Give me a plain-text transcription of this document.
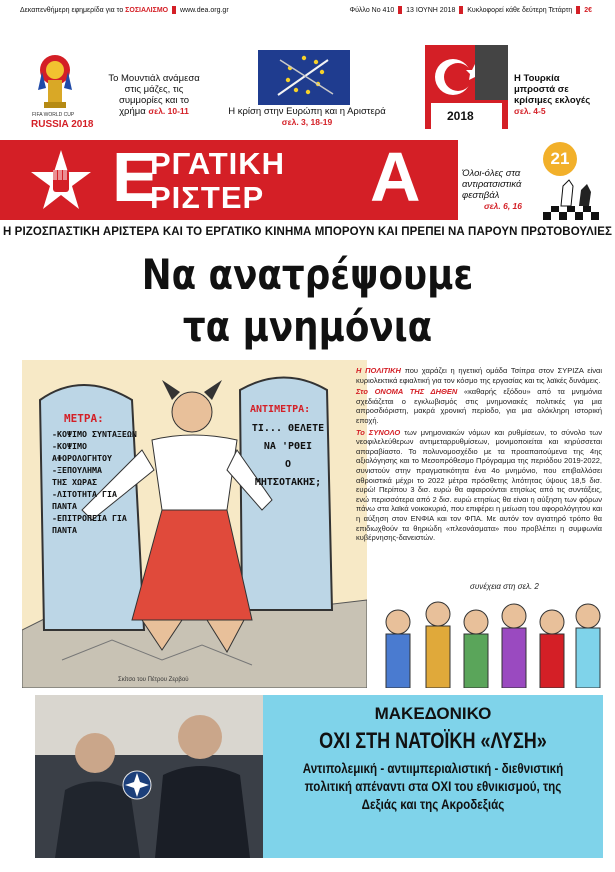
Δεκαπενθήμερη εφημερίδα για το ΣΟΣΙΑΛΙΣΜΟ www.dea.org.gr	Φύλλο Νο 410 13 ΙΟΥΝΗ 2018 Κυκλοφορεί κάθε δεύτερη Τετάρτη 2€
FIFA WORLD CUP
RUSSIA 2018
Το Μουντιάλ ανάμεσα στις μάζες, τις συμμορίες και το χρήμα σελ. 10-11	Η κρίση στην Ευρώπη και η Αριστερά
σελ. 3, 18-19	2018
Η Τουρκία μπροστά σε κρίσιμες εκλογές σελ. 4-5
Ε
ΡΓΑΤΙΚΗ
ΡΙΣΤΕΡ Α	Όλοι-όλες στα αντιρατσιστικά φεστιβάλ
σελ. 6, 16
21
Η ΡΙΖΟΣΠΑΣΤΙΚΗ ΑΡΙΣΤΕΡΑ ΚΑΙ ΤΟ ΕΡΓΑΤΙΚΟ ΚΙΝΗΜΑ ΜΠΟΡΟΥΝ ΚΑΙ ΠΡΕΠΕΙ ΝΑ ΠΑΡΟΥΝ ΠΡΩΤΟΒΟΥΛΙΕΣ
Να ανατρέψουμε
τα μνημόνια
ΜΕΤΡΑ:
-ΚΟΨΙΜΟ ΣΥΝΤΑΞΕΩΝ
-ΚΟΨΙΜΟ ΑΦΟΡΟΛΟΓΗΤΟΥ
-ΞΕΠΟΥΛΗΜΑ
ΤΗΣ ΧΩΡΑΣ
-ΛΙΤΟΤΗΤΑ ΓΙΑ ΠΑΝΤΑ
-ΕΠΙΤΡΟΠΕΙΑ ΓΙΑ
ΠΑΝΤΑ
ΑΝΤΙΜΕΤΡΑ:
ΤΙ... ΘΕΛΕΤΕ
ΝΑ 'ΡΘΕΙ
Ο
ΜΗΤΣΟΤΑΚΗΣ;
Σκίτσο του Πέτρου Ζερβού

Η ΠΟΛΙΤΙΚΗ που χαράζει η ηγετική ομάδα Τσίπρα στον ΣΥΡΙΖΑ είναι κυριολεκτικά εφιαλτική για τον κόσμο της εργασίας και τις λαϊκές δυνάμεις.

Στο ΟΝΟΜΑ ΤΗΣ ΔΗΘΕΝ «καθαρής εξόδου» από τα μνημόνια σχεδιάζεται ο εγκλωβισμός στις μνημονιακές πολιτικές για μια απροσδιόριστη, μακρά χρονική περίοδο, για μια ολόκληρη ιστορική εποχή.

Το ΣΥΝΟΛΟ των μνημονιακών νόμων και ρυθμίσεων, το σύνολο των νεοφιλελεύθερων αντιμεταρρυθμίσεων, μονιμοποιείται και κηρύσσεται απαραβίαστο. Το πολυνομοσχέδιο με τα προαπαιτούμενα της 4ης αξιολόγησης και το Μεσοπρόθεσμο Πρόγραμμα της περιόδου 2019-2022, συνιστούν στην πραγματικότητα ένα 4ο μνημόνιο, που επιβαλλόσει αθροιστικά μέχρι το 2022 μέτρα πρόσθετης λιτότητας ύψους 18,5 δισ. ευρώ! Περίπου 3 δισ. ευρώ θα αφαιρούνται ετησίως από τις συντάξεις, ενώ περισσότερα από 2 δισ. ευρώ ετησίως θα είναι η αύξηση των φόρων πάνω στα λαϊκά νοικοκυριά, που επιφέρει η μείωση του αφορολόγητου και η αύξηση στον ΕΝΦΙΑ και τον ΦΠΑ. Με αυτόν τον αγιατηρό τρόπο θα επιδιωχθούν τα θηριώδη «πλεονάσματα» που προβλέπει η συμφωνία κυβέρνησης-δανειστών.

συνέχεια στη σελ. 2
ΜΑΚΕΔΟΝΙΚΟ
ΟΧΙ ΣΤΗ ΝΑΤΟΪΚΗ «ΛΥΣΗ»
Αντιπολεμική - αντιιμπεριαλιστική - διεθνιστική πολιτική απέναντι στα ΟΧΙ του εθνικισμού, της Δεξιάς και της Ακροδεξιάς
